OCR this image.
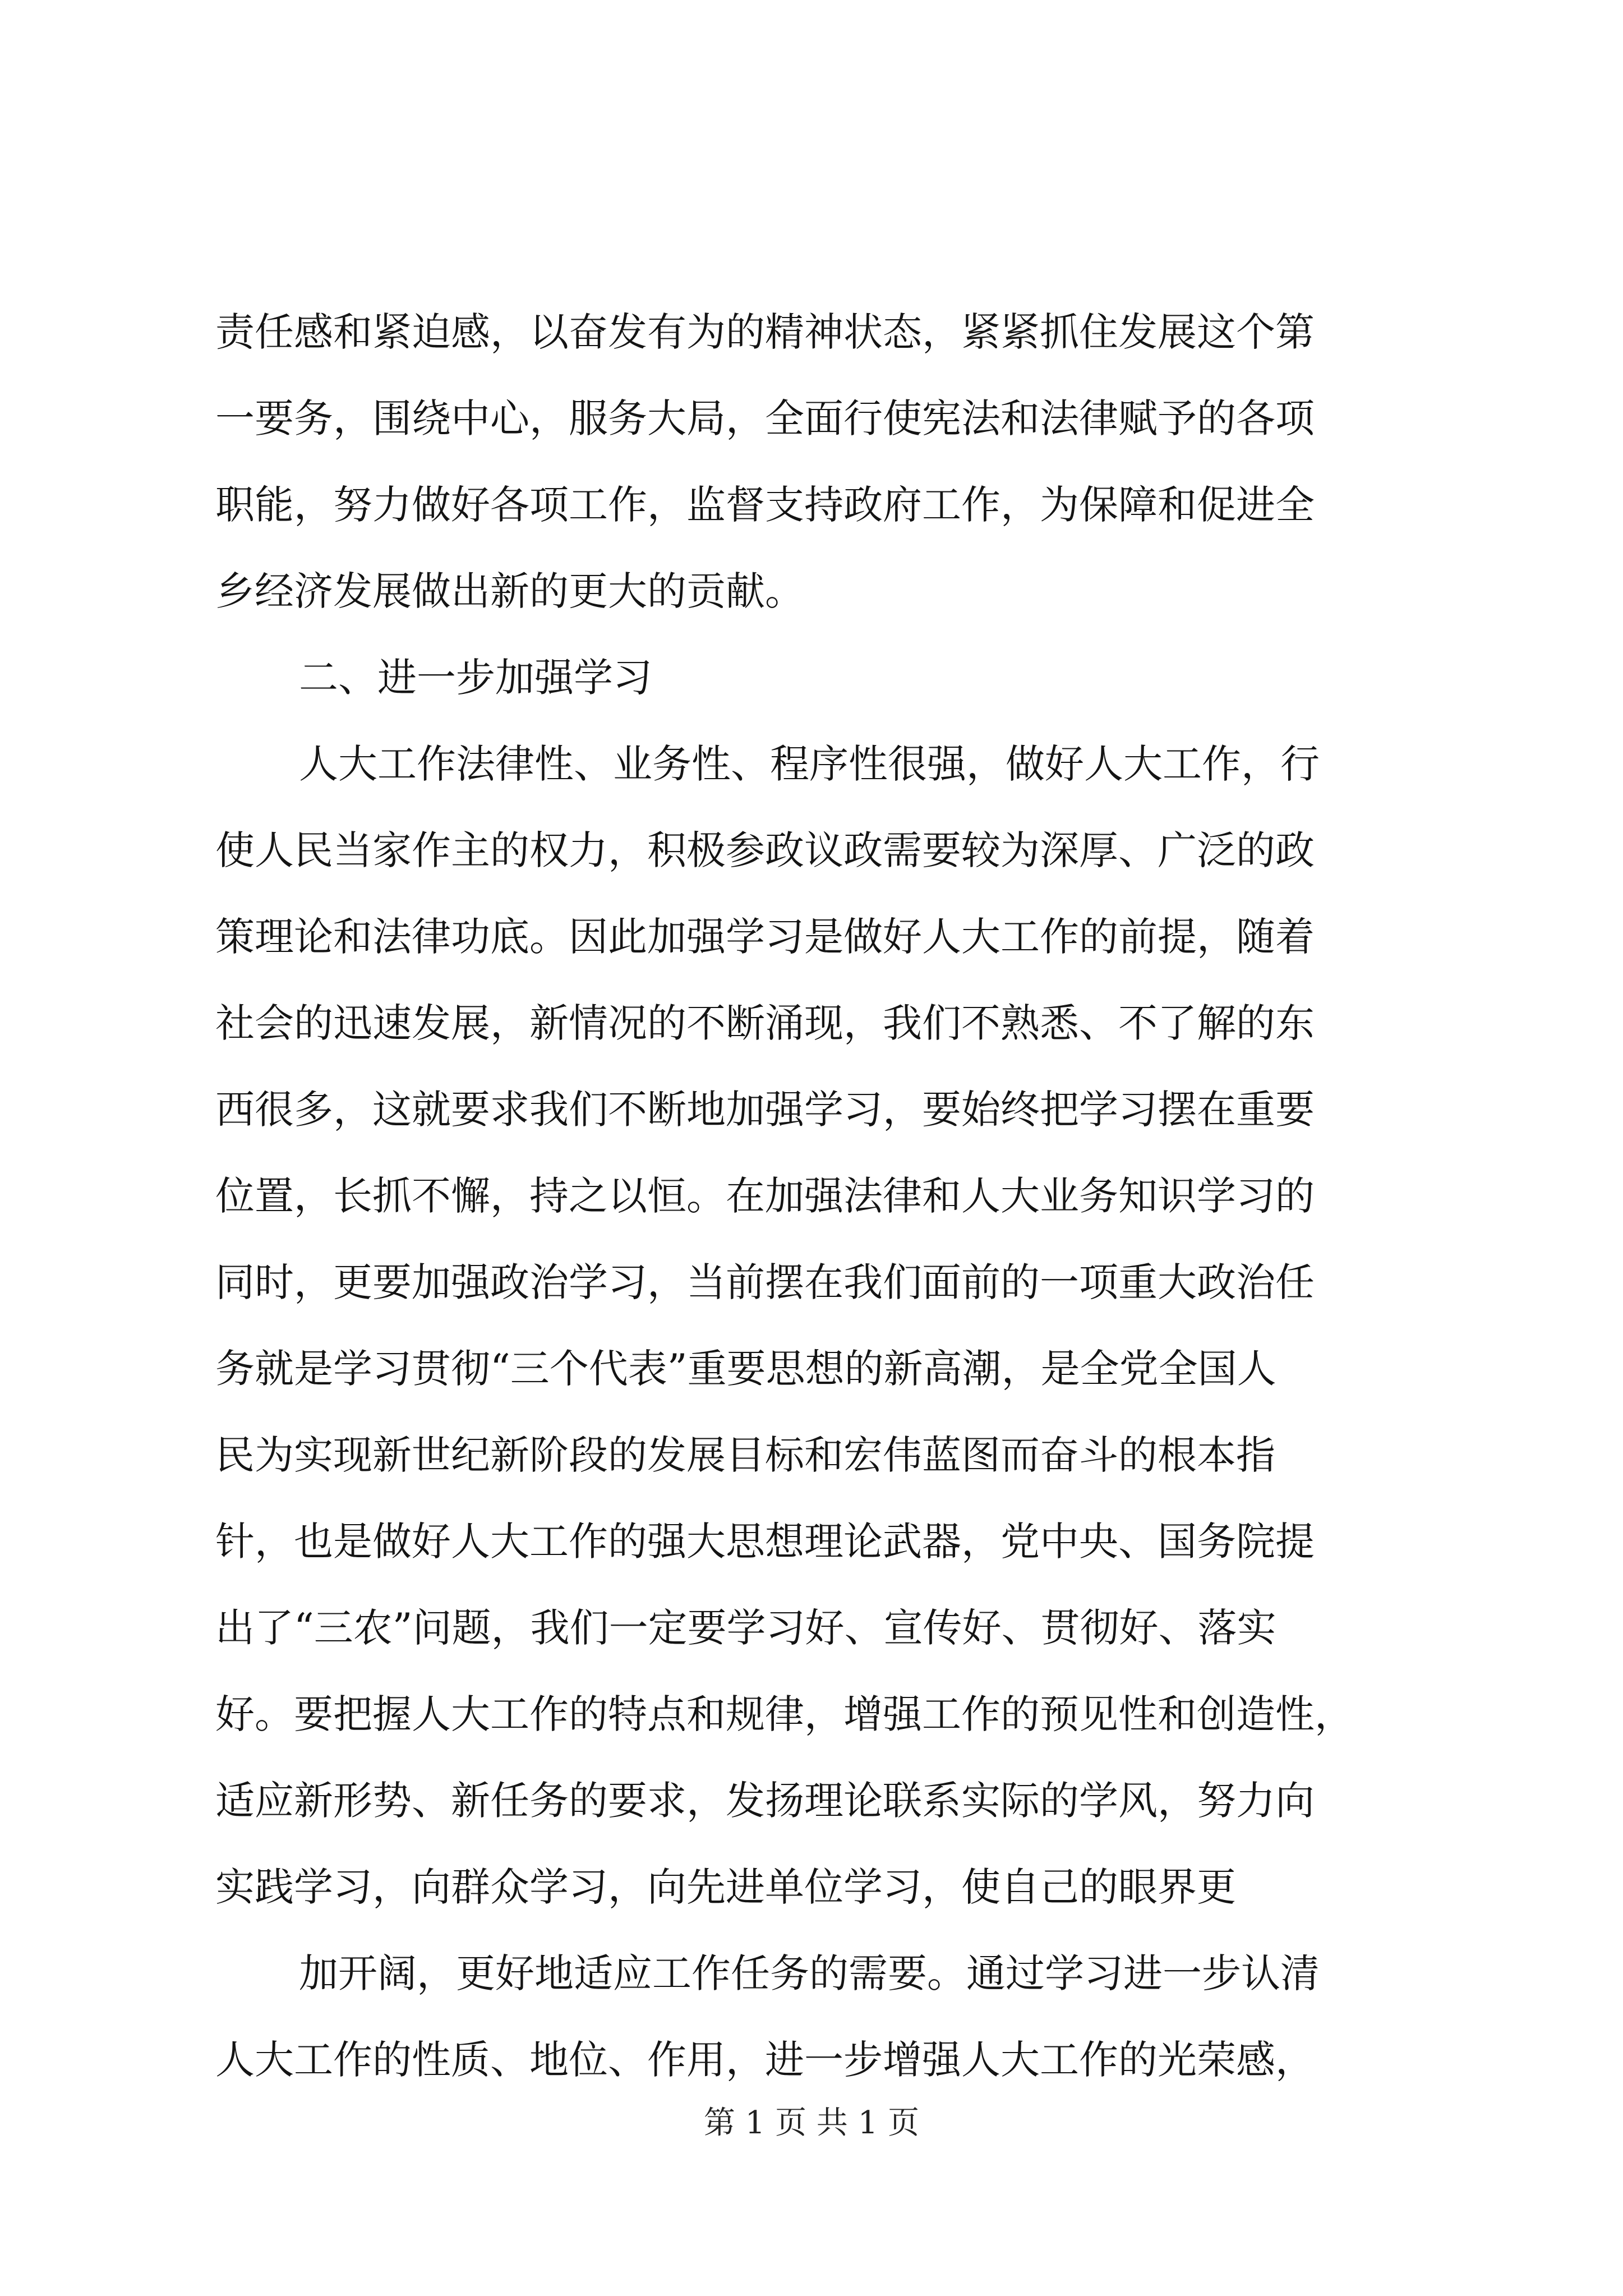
责任感和紧迫感，以奋发有为的精神状态，紧紧抓住发展这个第
一要务，围绕中心，服务大局，全面行使宪法和法律赋予的各项
职能，努力做好各项工作，监督支持政府工作，为保障和促进全
乡经济发展做出新的更大的贡献。
二、进一步加强学习
人大工作法律性、业务性、程序性很强，做好人大工作，行
使人民当家作主的权力，积极参政议政需要较为深厚、广泛的政
策理论和法律功底。因此加强学习是做好人大工作的前提，随着
社会的迅速发展，新情况的不断涌现，我们不熟悉、不了解的东
西很多，这就要求我们不断地加强学习，要始终把学习摆在重要
位置，长抓不懈，持之以恒。在加强法律和人大业务知识学习的
同时，更要加强政治学习，当前摆在我们面前的一项重大政治任
务就是学习贯彻“三个代表”重要思想的新高潮，是全党全国人
民为实现新世纪新阶段的发展目标和宏伟蓝图而奋斗的根本指
针，也是做好人大工作的强大思想理论武器，党中央、国务院提
出了“三农”问题，我们一定要学习好、宣传好、贯彻好、落实
好。要把握人大工作的特点和规律，增强工作的预见性和创造性，
适应新形势、新任务的要求，发扬理论联系实际的学风，努力向
实践学习，向群众学习，向先进单位学习，使自己的眼界更
加开阔，更好地适应工作任务的需要。通过学习进一步认清
人大工作的性质、地位、作用，进一步增强人大工作的光荣感，
第 1 页 共 1 页
